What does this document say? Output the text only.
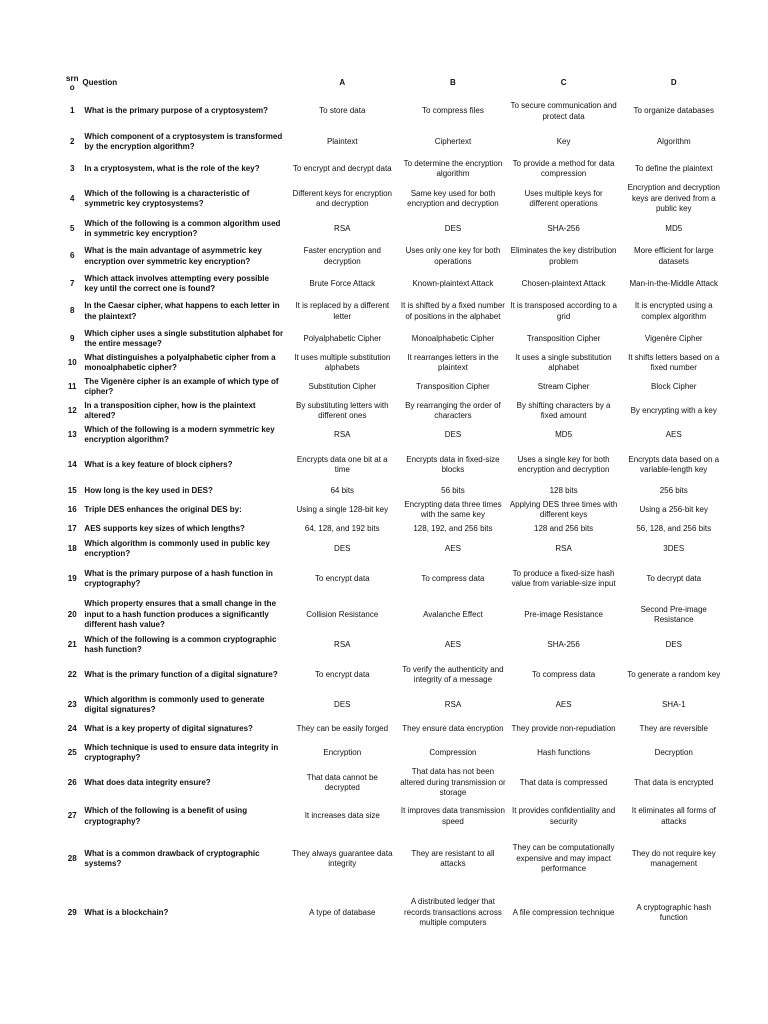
srn o	Question	A	B	C	D
1	What is the primary purpose of a cryptosystem?	To store data	To compress files	To secure communication and protect data	To organize databases
2	Which component of a cryptosystem is transformed by the encryption algorithm?	Plaintext	Ciphertext	Key	Algorithm
3	In a cryptosystem, what is the role of the key?	To encrypt and decrypt data	To determine the encryption algorithm	To provide a method for data compression	To define the plaintext
4	Which of the following is a characteristic of symmetric key cryptosystems?	Different keys for encryption and decryption	Same key used for both encryption and decryption	Uses multiple keys for different operations	Encryption and decryption keys are derived from a public key
5	Which of the following is a common algorithm used in symmetric key encryption?	RSA	DES	SHA-256	MD5
6	What is the main advantage of asymmetric key encryption over symmetric key encryption?	Faster encryption and decryption	Uses only one key for both operations	Eliminates the key distribution problem	More efficient for large datasets
7	Which attack involves attempting every possible key until the correct one is found?	Brute Force Attack	Known-plaintext Attack	Chosen-plaintext Attack	Man-in-the-Middle Attack
8	In the Caesar cipher, what happens to each letter in the plaintext?	It is replaced by a different letter	It is shifted by a fixed number of positions in the alphabet	It is transposed according to a grid	It is encrypted using a complex algorithm
9	Which cipher uses a single substitution alphabet for the entire message?	Polyalphabetic Cipher	Monoalphabetic Cipher	Transposition Cipher	Vigenère Cipher
10	What distinguishes a polyalphabetic cipher from a monoalphabetic cipher?	It uses multiple substitution alphabets	It rearranges letters in the plaintext	It uses a single substitution alphabet	It shifts letters based on a fixed number
11	The Vigenère cipher is an example of which type of cipher?	Substitution Cipher	Transposition Cipher	Stream Cipher	Block Cipher
12	In a transposition cipher, how is the plaintext altered?	By substituting letters with different ones	By rearranging the order of characters	By shifting characters by a fixed amount	By encrypting with a key
13	Which of the following is a modern symmetric key encryption algorithm?	RSA	DES	MD5	AES
14	What is a key feature of block ciphers?	Encrypts data one bit at a time	Encrypts data in fixed-size blocks	Uses a single key for both encryption and decryption	Encrypts data based on a variable-length key
15	How long is the key used in DES?	64 bits	56 bits	128 bits	256 bits
16	Triple DES enhances the original DES by:	Using a single 128-bit key	Encrypting data three times with the same key	Applying DES three times with different keys	Using a 256-bit key
17	AES supports key sizes of which lengths?	64, 128, and 192 bits	128, 192, and 256 bits	128 and 256 bits	56, 128, and 256 bits
18	Which algorithm is commonly used in public key encryption?	DES	AES	RSA	3DES
19	What is the primary purpose of a hash function in cryptography?	To encrypt data	To compress data	To produce a fixed-size hash value from variable-size input	To decrypt data
20	Which property ensures that a small change in the input to a hash function produces a significantly different hash value?	Collision Resistance	Avalanche Effect	Pre-image Resistance	Second Pre-image Resistance
21	Which of the following is a common cryptographic hash function?	RSA	AES	SHA-256	DES
22	What is the primary function of a digital signature?	To encrypt data	To verify the authenticity and integrity of a message	To compress data	To generate a random key
23	Which algorithm is commonly used to generate digital signatures?	DES	RSA	AES	SHA-1
24	What is a key property of digital signatures?	They can be easily forged	They ensure data encryption	They provide non-repudiation	They are reversible
25	Which technique is used to ensure data integrity in cryptography?	Encryption	Compression	Hash functions	Decryption
26	What does data integrity ensure?	That data cannot be decrypted	That data has not been altered during transmission or storage	That data is compressed	That data is encrypted
27	Which of the following is a benefit of using cryptography?	It increases data size	It improves data transmission speed	It provides confidentiality and security	It eliminates all forms of attacks
28	What is a common drawback of cryptographic systems?	They always guarantee data integrity	They are resistant to all attacks	They can be computationally expensive and may impact performance	They do not require key management
29	What is a blockchain?	A type of database	A distributed ledger that records transactions across multiple computers	A file compression technique	A cryptographic hash function
